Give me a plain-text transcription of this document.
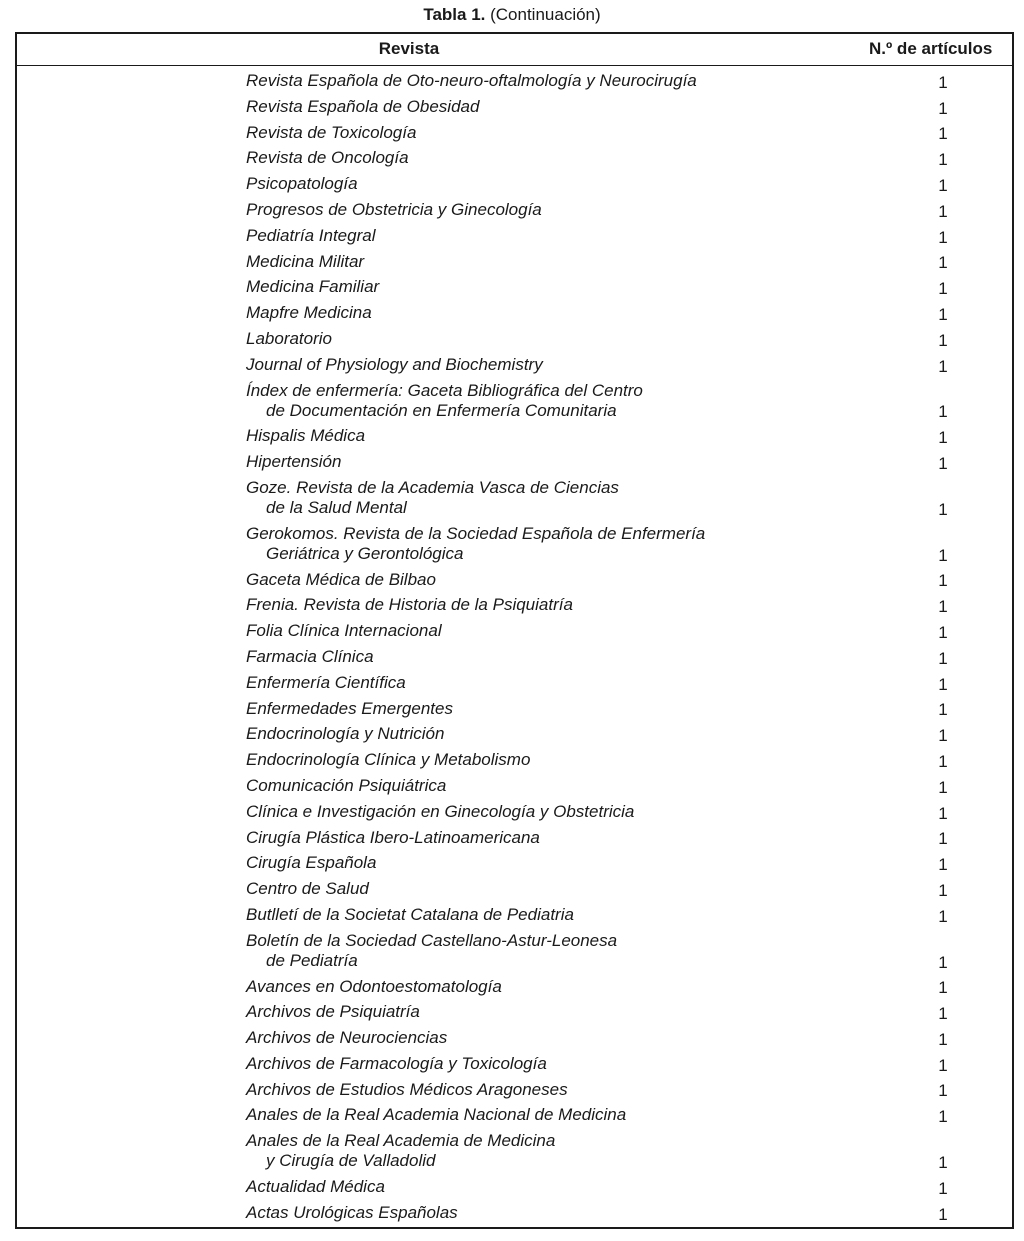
Tabla 1. (Continuación)
Revista	N.º de artículos
Revista Española de Oto-neuro-oftalmología y Neurocirugía	1
Revista Española de Obesidad	1
Revista de Toxicología	1
Revista de Oncología	1
Psicopatología	1
Progresos de Obstetricia y Ginecología	1
Pediatría Integral	1
Medicina Militar	1
Medicina Familiar	1
Mapfre Medicina	1
Laboratorio	1
Journal of Physiology and Biochemistry	1
Índex de enfermería: Gaceta Bibliográfica del Centro
de Documentación en Enfermería Comunitaria	1
Hispalis Médica	1
Hipertensión	1
Goze. Revista de la Academia Vasca de Ciencias
de la Salud Mental	1
Gerokomos. Revista de la Sociedad Española de Enfermería
Geriátrica y Gerontológica	1
Gaceta Médica de Bilbao	1
Frenia. Revista de Historia de la Psiquiatría	1
Folia Clínica Internacional	1
Farmacia Clínica	1
Enfermería Científica	1
Enfermedades Emergentes	1
Endocrinología y Nutrición	1
Endocrinología Clínica y Metabolismo	1
Comunicación Psiquiátrica	1
Clínica e Investigación en Ginecología y Obstetricia	1
Cirugía Plástica Ibero-Latinoamericana	1
Cirugía Española	1
Centro de Salud	1
Butlletí de la Societat Catalana de Pediatria	1
Boletín de la Sociedad Castellano-Astur-Leonesa
de Pediatría	1
Avances en Odontoestomatología	1
Archivos de Psiquiatría	1
Archivos de Neurociencias	1
Archivos de Farmacología y Toxicología	1
Archivos de Estudios Médicos Aragoneses	1
Anales de la Real Academia Nacional de Medicina	1
Anales de la Real Academia de Medicina
y Cirugía de Valladolid	1
Actualidad Médica	1
Actas Urológicas Españolas	1
